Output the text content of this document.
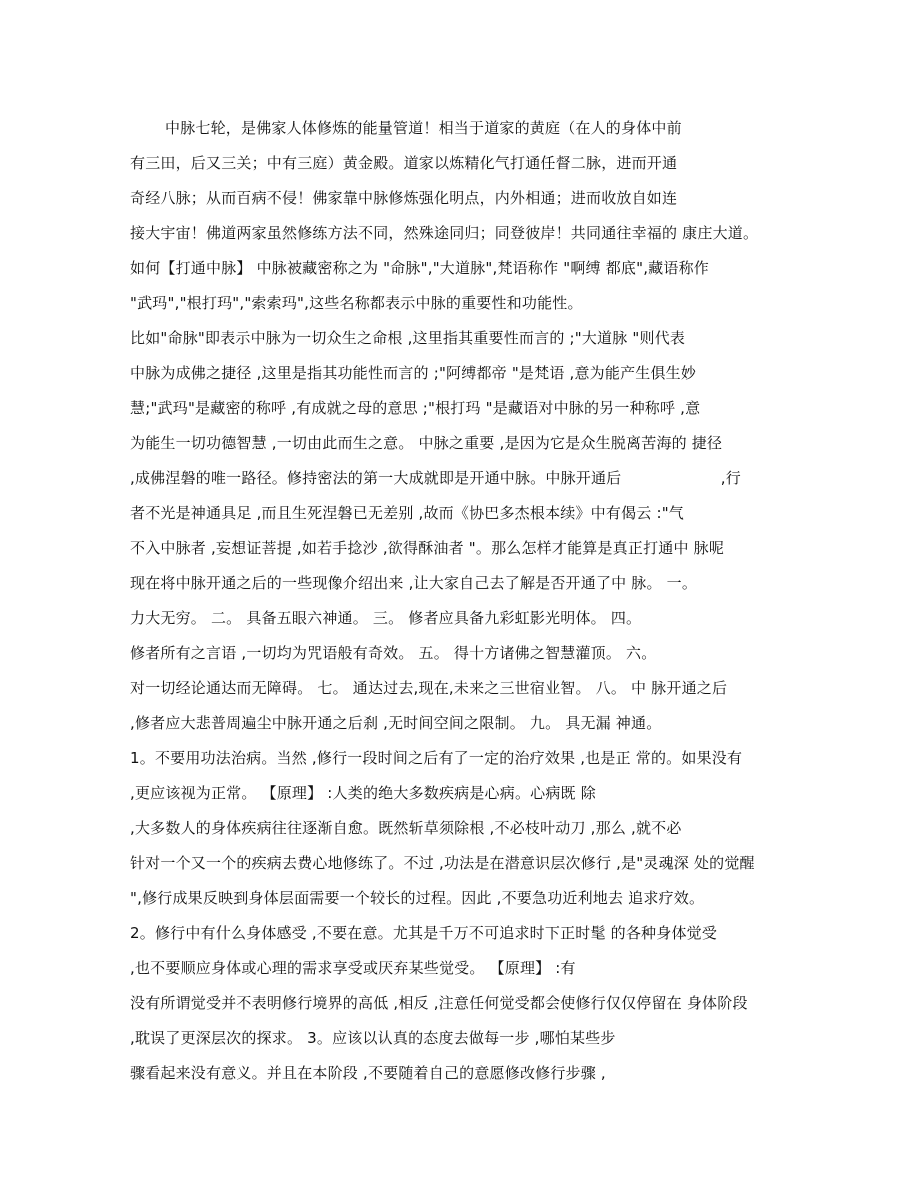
中脉七轮，是佛家人体修炼的能量管道！相当于道家的黄庭（在人的身体中前
有三田，后又三关；中有三庭）黄金殿。道家以炼精化气打通任督二脉，进而开通
奇经八脉；从而百病不侵！佛家靠中脉修炼强化明点，内外相通；进而收放自如连
接大宇宙！佛道两家虽然修练方法不同，然殊途同归；同登彼岸！共同通往幸福的 康庄大道。
如何【打通中脉】 中脉被藏密称之为 "命脉","大道脉",梵语称作 "啊缚 都底",藏语称作
"武玛","根打玛","索索玛",这些名称都表示中脉的重要性和功能性。
比如"命脉"即表示中脉为一切众生之命根 ,这里指其重要性而言的 ;"大道脉 "则代表
中脉为成佛之捷径 ,这里是指其功能性而言的 ;"阿缚都帝 "是梵语 ,意为能产生俱生妙
慧;"武玛"是藏密的称呼 ,有成就之母的意思 ;"根打玛 "是藏语对中脉的另一种称呼 ,意
为能生一切功德智慧 ,一切由此而生之意。 中脉之重要 ,是因为它是众生脱离苦海的 捷径
,成佛涅磐的唯一路径。修持密法的第一大成就即是开通中脉。中脉开通后                    ,行
者不光是神通具足 ,而且生死涅磐已无差别 ,故而《协巴多杰根本续》中有偈云 :"气
不入中脉者 ,妄想证菩提 ,如若手捻沙 ,欲得酥油者 "。那么怎样才能算是真正打通中 脉呢
现在将中脉开通之后的一些现像介绍出来 ,让大家自己去了解是否开通了中 脉。 一。
力大无穷。 二。 具备五眼六神通。 三。 修者应具备九彩虹影光明体。 四。
修者所有之言语 ,一切均为咒语般有奇效。 五。 得十方诸佛之智慧灌顶。 六。
对一切经论通达而无障碍。 七。 通达过去,现在,未来之三世宿业智。 八。 中 脉开通之后
,修者应大悲普周遍尘中脉开通之后刹 ,无时间空间之限制。 九。 具无漏 神通。
1。不要用功法治病。当然 ,修行一段时间之后有了一定的治疗效果 ,也是正 常的。如果没有
,更应该视为正常。 【原理】 :人类的绝大多数疾病是心病。心病既 除
,大多数人的身体疾病往往逐渐自愈。既然斩草须除根 ,不必枝叶动刀 ,那么 ,就不必
针对一个又一个的疾病去费心地修练了。不过 ,功法是在潜意识层次修行 ,是"灵魂深 处的觉醒
",修行成果反映到身体层面需要一个较长的过程。因此 ,不要急功近利地去 追求疗效。
2。修行中有什么身体感受 ,不要在意。尤其是千万不可追求时下正时髦 的各种身体觉受
,也不要顺应身体或心理的需求享受或厌弃某些觉受。 【原理】 :有
没有所谓觉受并不表明修行境界的高低 ,相反 ,注意任何觉受都会使修行仅仅停留在 身体阶段
,耽误了更深层次的探求。 3。应该以认真的态度去做每一步 ,哪怕某些步
骤看起来没有意义。并且在本阶段 ,不要随着自己的意愿修改修行步骤 ,
